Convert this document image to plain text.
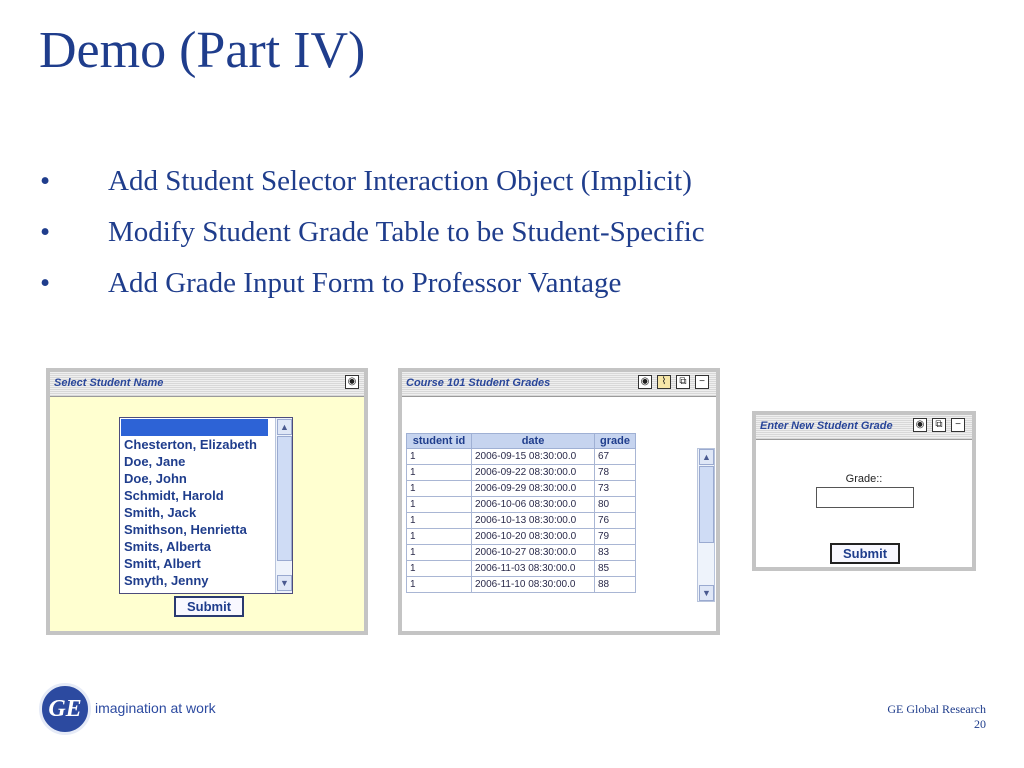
Demo (Part IV)
• Add Student Selector Interaction Object (Implicit)
• Modify Student Grade Table to be Student-Specific
• Add Grade Input Form to Professor Vantage
Select Student Name	◉
Chesterton, Elizabeth
Doe, Jane
Doe, John
Schmidt, Harold
Smith, Jack
Smithson, Henrietta
Smits, Alberta
Smitt, Albert
Smyth, Jenny
▲
▼
Submit
Course 101 Student Grades	◉	⌇	⧉	−
student id	date	grade
1	2006-09-15 08:30:00.0	67
1	2006-09-22 08:30:00.0	78
1	2006-09-29 08:30:00.0	73
1	2006-10-06 08:30:00.0	80
1	2006-10-13 08:30:00.0	76
1	2006-10-20 08:30:00.0	79
1	2006-10-27 08:30:00.0	83
1	2006-11-03 08:30:00.0	85
1	2006-11-10 08:30:00.0	88
▲
▼
Enter New Student Grade ◉	⧉	−
Grade::
Submit
GE imagination at work	GE Global Research
20
